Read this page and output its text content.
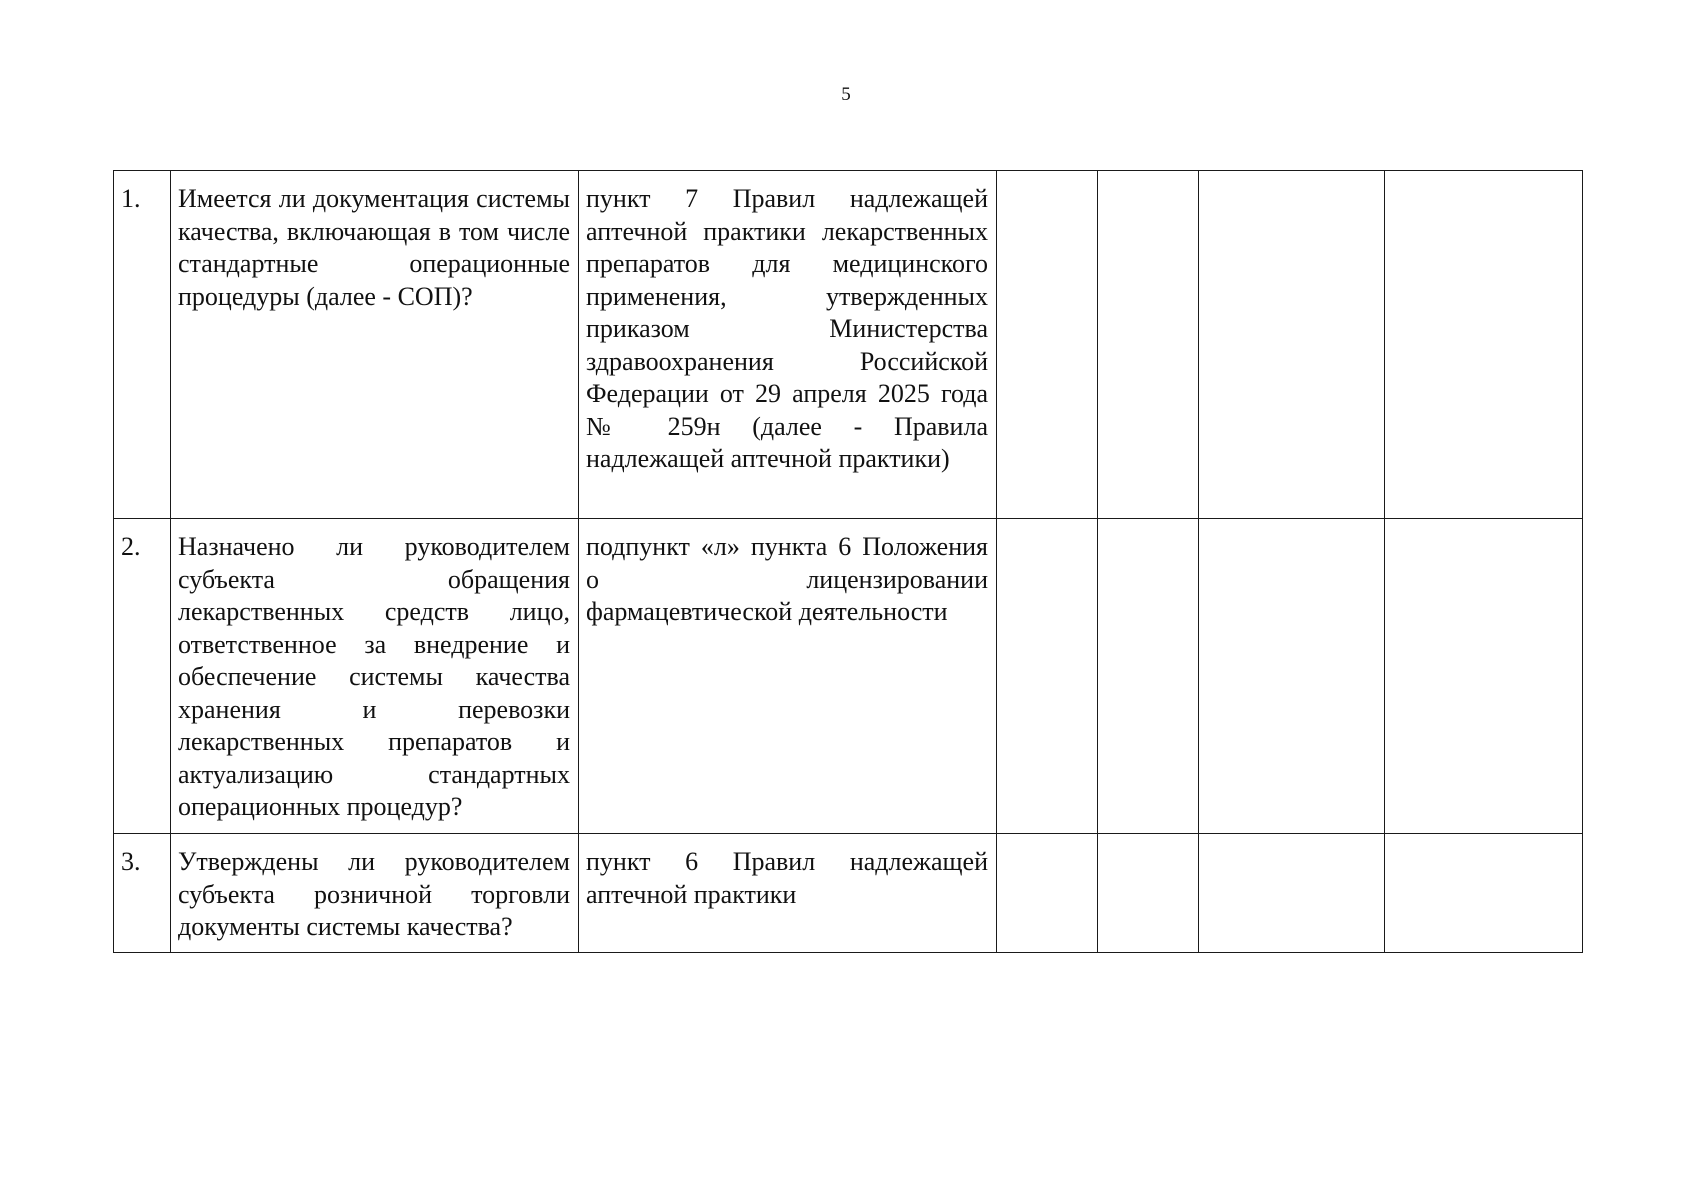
5
1.	Имеется ли документация системы качества, включающая в том числе стандартные операционные процедуры (далее - СОП)?	пункт 7 Правил надлежащей аптечной практики лекарственных препаратов для медицинского применения, утвержденных приказом Министерства здравоохранения Российской Федерации от 29 апреля 2025 года № 259н (далее - Правила надлежащей аптечной практики)				
2.	Назначено ли руководителем субъекта обращения лекарственных средств лицо, ответственное за внедрение и обеспечение системы качества хранения и перевозки лекарственных препаратов и актуализацию стандартных операционных процедур?	подпункт «л» пункта 6 Положения о лицензировании фармацевтической деятельности				
3.	Утверждены ли руководителем субъекта розничной торговли документы системы качества?	пункт 6 Правил надлежащей аптечной практики				
